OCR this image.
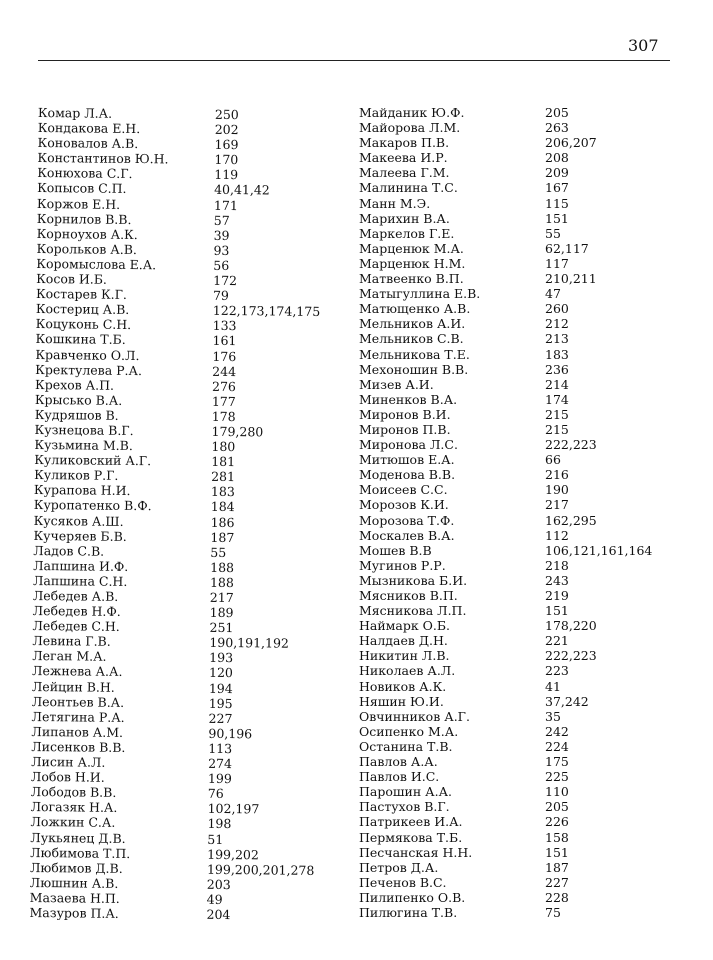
307
Комар Л.А.	250
Кондакова Е.Н.	202
Коновалов А.В.	169
Константинов Ю.Н.	170
Конюхова С.Г.	119
Копысов С.П.	40,41,42
Коржов Е.Н.	171
Корнилов В.В.	57
Корноухов А.К.	39
Корольков А.В.	93
Коромыслова Е.А.	56
Косов И.Б.	172
Костарев К.Г.	79
Костериц А.В.	122,173,174,175
Коцуконь С.Н.	133
Кошкина Т.Б.	161
Кравченко О.Л.	176
Кректулева Р.А.	244
Крехов А.П.	276
Крысько В.А.	177
Кудряшов В.	178
Кузнецова В.Г.	179,280
Кузьмина М.В.	180
Куликовский А.Г.	181
Куликов Р.Г.	281
Курапова Н.И.	183
Куропатенко В.Ф.	184
Кусяков А.Ш.	186
Кучеряев Б.В.	187
Ладов С.В.	55
Лапшина И.Ф.	188
Лапшина С.Н.	188
Лебедев А.В.	217
Лебедев Н.Ф.	189
Лебедев С.Н.	251
Левина Г.В.	190,191,192
Леган М.А.	193
Лежнева А.А.	120
Лейцин В.Н.	194
Леонтьев В.А.	195
Летягина Р.А.	227
Липанов А.М.	90,196
Лисенков В.В.	113
Лисин А.Л.	274
Лобов Н.И.	199
Лободов В.В.	76
Логазяк Н.А.	102,197
Ложкин С.А.	198
Лукьянец Д.В.	51
Любимова Т.П.	199,202
Любимов Д.В.	199,200,201,278
Люшнин А.В.	203
Мазаева Н.П.	49
Мазуров П.А.	204
Майданик Ю.Ф.	205
Майорова Л.М.	263
Макаров П.В.	206,207
Макеева И.Р.	208
Малеева Г.М.	209
Малинина Т.С.	167
Манн М.Э.	115
Марихин В.А.	151
Маркелов Г.Е.	55
Марценюк М.А.	62,117
Марценюк Н.М.	117
Матвеенко В.П.	210,211
Матыгуллина Е.В.	47
Матющенко А.В.	260
Мельников А.И.	212
Мельников С.В.	213
Мельникова Т.Е.	183
Мехоношин В.В.	236
Мизев А.И.	214
Миненков В.А.	174
Миронов В.И.	215
Миронов П.В.	215
Миронова Л.С.	222,223
Митюшов Е.А.	66
Моденова В.В.	216
Моисеев С.С.	190
Морозов К.И.	217
Морозова Т.Ф.	162,295
Москалев В.А.	112
Мошев В.В	106,121,161,164
Мугинов Р.Р.	218
Мызникова Б.И.	243
Мясников В.П.	219
Мясникова Л.П.	151
Наймарк О.Б.	178,220
Налдаев Д.Н.	221
Никитин Л.В.	222,223
Николаев А.Л.	223
Новиков А.К.	41
Няшин Ю.И.	37,242
Овчинников А.Г.	35
Осипенко М.А.	242
Останина Т.В.	224
Павлов А.А.	175
Павлов И.С.	225
Парошин А.А.	110
Пастухов В.Г.	205
Патрикеев И.А.	226
Пермякова Т.Б.	158
Песчанская Н.Н.	151
Петров Д.А.	187
Печенов В.С.	227
Пилипенко О.В.	228
Пилюгина Т.В.	75
